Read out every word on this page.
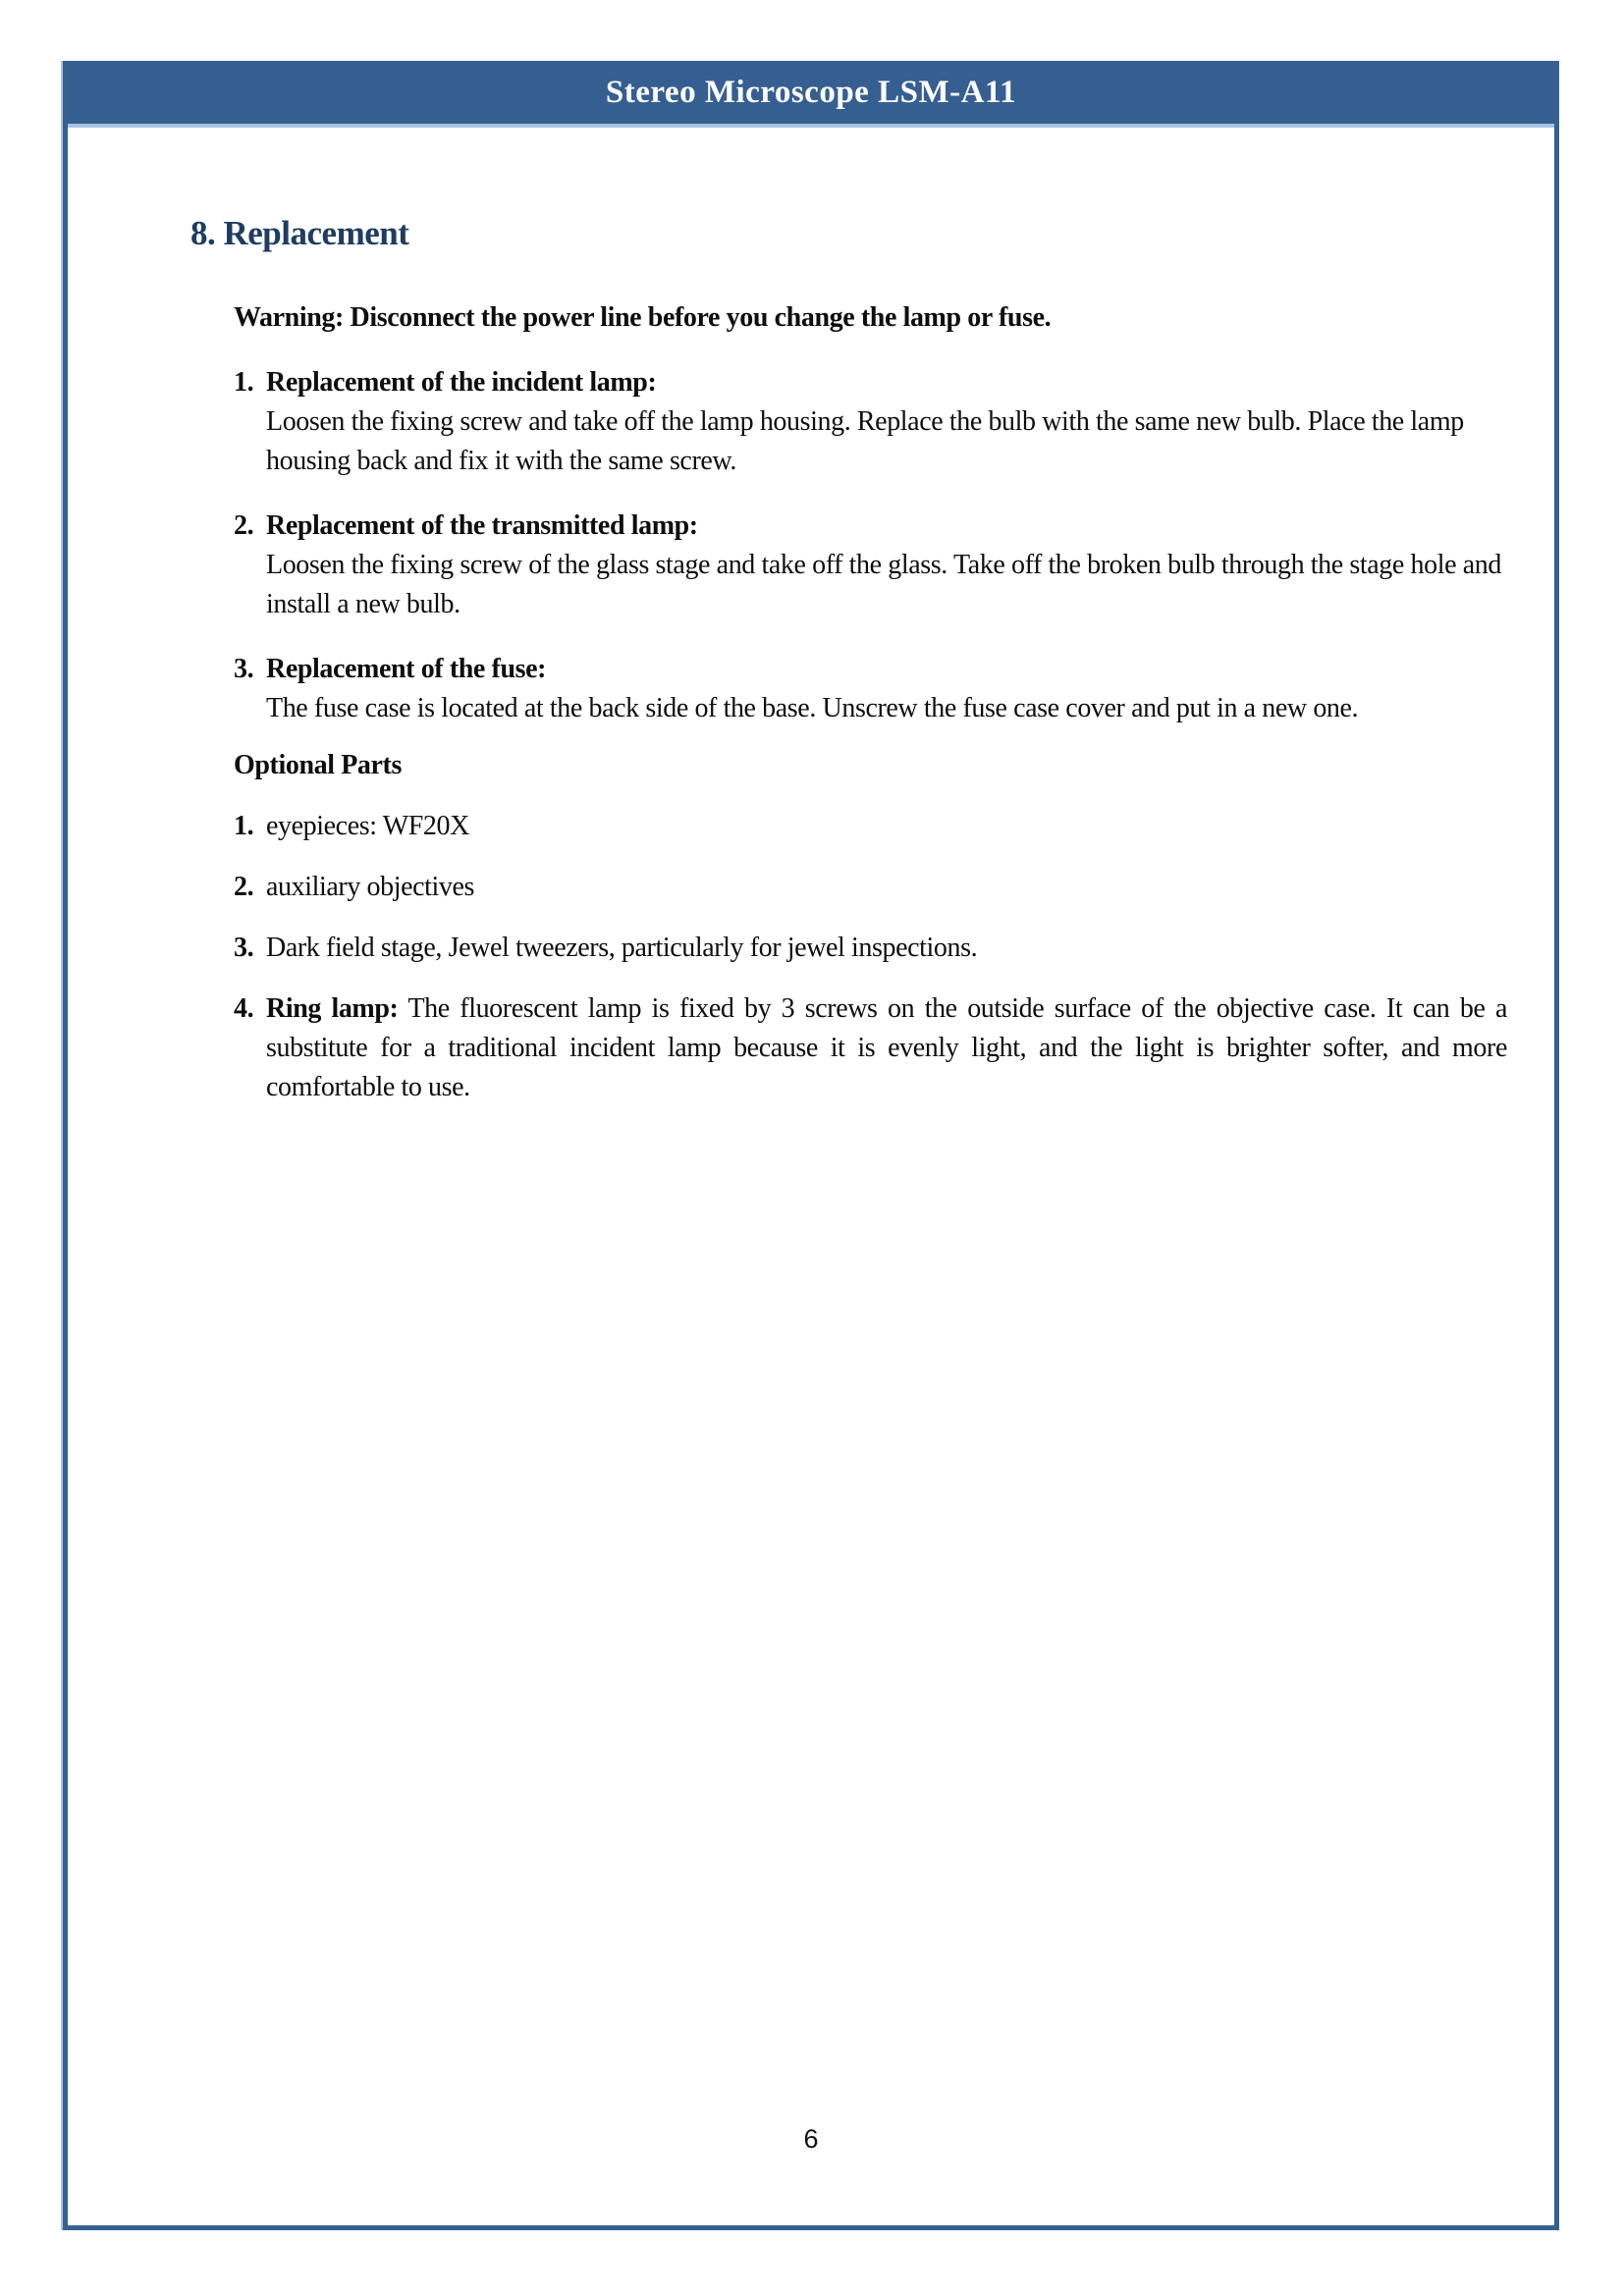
Stereo Microscope LSM-A11
8. Replacement

Warning: Disconnect the power line before you change the lamp or fuse.

1. Replacement of the incident lamp:
Loosen the fixing screw and take off the lamp housing. Replace the bulb with the same new bulb. Place the lamp housing back and fix it with the same screw.
2. Replacement of the transmitted lamp:
Loosen the fixing screw of the glass stage and take off the glass. Take off the broken bulb through the stage hole and install a new bulb.
3. Replacement of the fuse:
The fuse case is located at the back side of the base. Unscrew the fuse case cover and put in a new one.
Optional Parts
1. eyepieces: WF20X
2. auxiliary objectives
3. Dark field stage, Jewel tweezers, particularly for jewel inspections.
4. Ring lamp: The fluorescent lamp is fixed by 3 screws on the outside surface of the objective case. It can be a substitute for a traditional incident lamp because it is evenly light, and the light is brighter softer, and more comfortable to use.

6
